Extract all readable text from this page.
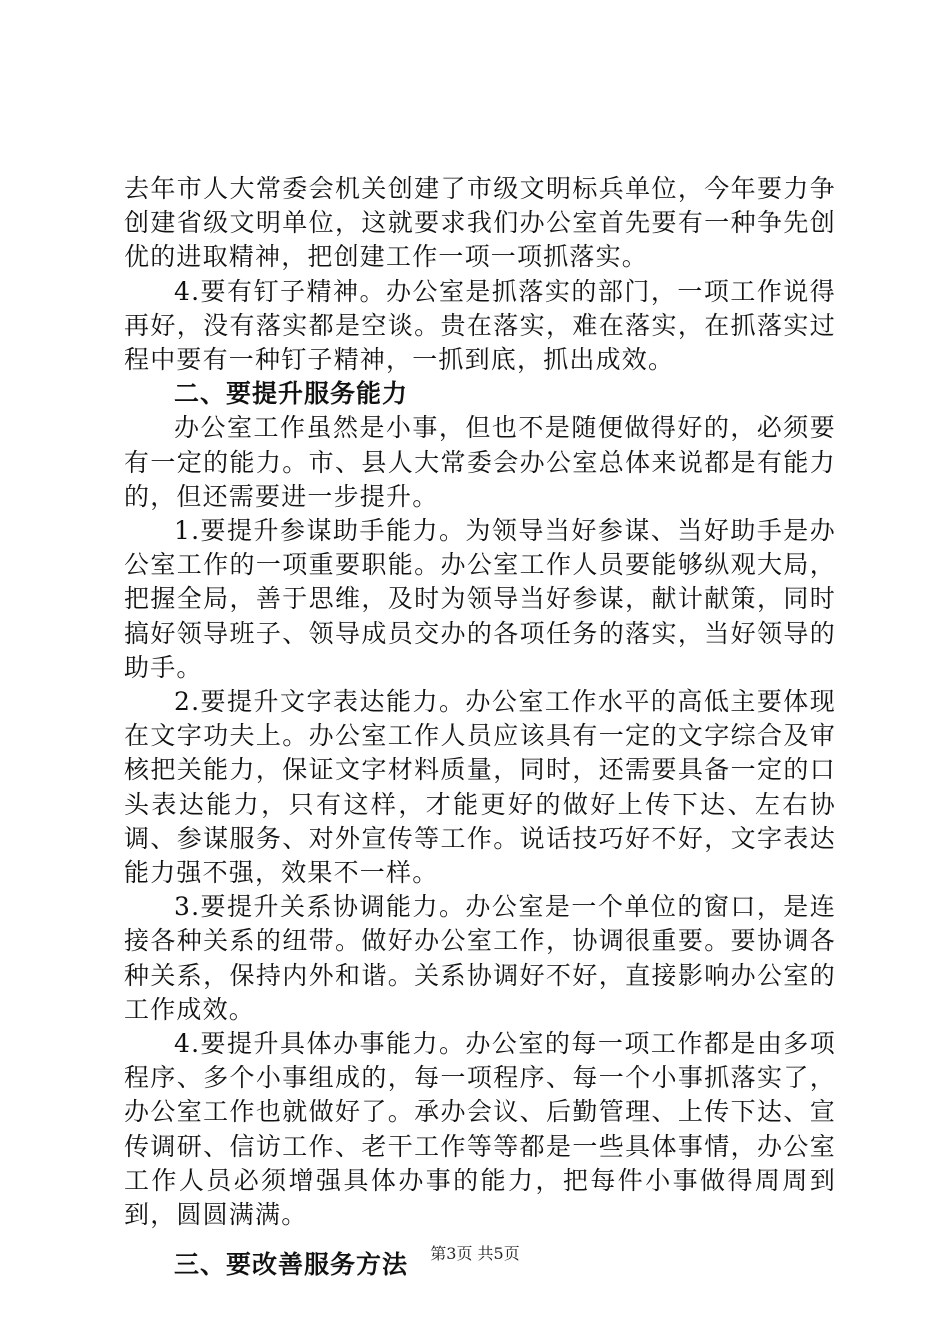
去年市人大常委会机关创建了市级文明标兵单位，今年要力争创建省级文明单位，这就要求我们办公室首先要有一种争先创优的进取精神，把创建工作一项一项抓落实。

4.要有钉子精神。办公室是抓落实的部门，一项工作说得再好，没有落实都是空谈。贵在落实，难在落实，在抓落实过程中要有一种钉子精神，一抓到底，抓出成效。

二、要提升服务能力

办公室工作虽然是小事，但也不是随便做得好的，必须要有一定的能力。市、县人大常委会办公室总体来说都是有能力的，但还需要进一步提升。

1.要提升参谋助手能力。为领导当好参谋、当好助手是办公室工作的一项重要职能。办公室工作人员要能够纵观大局，把握全局，善于思维，及时为领导当好参谋，献计献策，同时搞好领导班子、领导成员交办的各项任务的落实，当好领导的助手。

2.要提升文字表达能力。办公室工作水平的高低主要体现在文字功夫上。办公室工作人员应该具有一定的文字综合及审核把关能力，保证文字材料质量，同时，还需要具备一定的口头表达能力，只有这样，才能更好的做好上传下达、左右协调、参谋服务、对外宣传等工作。说话技巧好不好，文字表达能力强不强，效果不一样。

3.要提升关系协调能力。办公室是一个单位的窗口，是连接各种关系的纽带。做好办公室工作，协调很重要。要协调各种关系，保持内外和谐。关系协调好不好，直接影响办公室的工作成效。

4.要提升具体办事能力。办公室的每一项工作都是由多项程序、多个小事组成的，每一项程序、每一个小事抓落实了，办公室工作也就做好了。承办会议、后勤管理、上传下达、宣传调研、信访工作、老干工作等等都是一些具体事情，办公室工作人员必须增强具体办事的能力，把每件小事做得周周到到，圆圆满满。

三、要改善服务方法	第3页 共5页
